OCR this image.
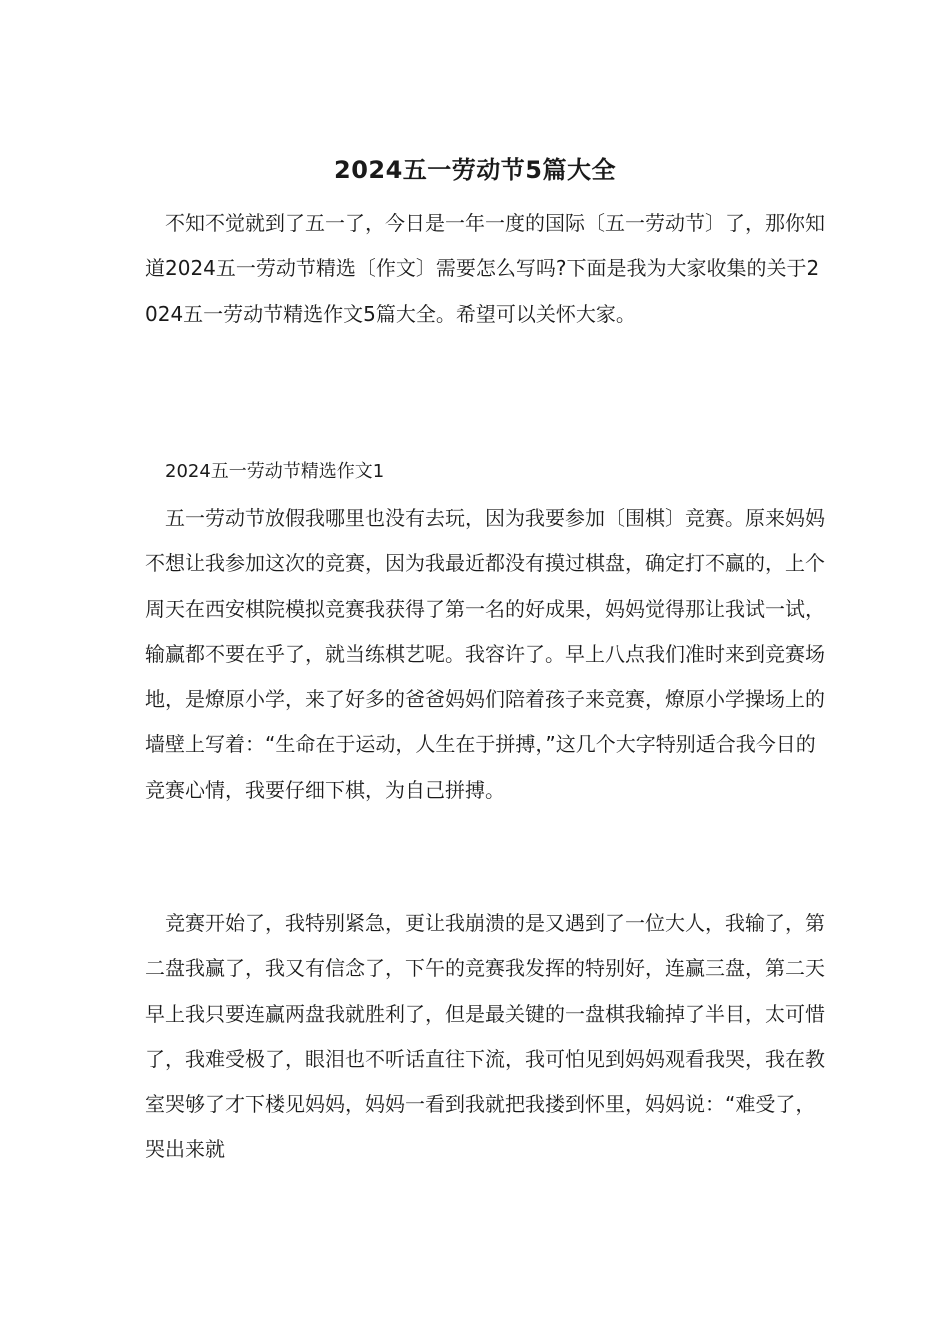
2024五一劳动节5篇大全

不知不觉就到了五一了，今日是一年一度的国际〔五一劳动节〕了，那你知道2024五一劳动节精选〔作文〕需要怎么写吗?下面是我为大家收集的关于2024五一劳动节精选作文5篇大全。希望可以关怀大家。

2024五一劳动节精选作文1

五一劳动节放假我哪里也没有去玩，因为我要参加〔围棋〕竞赛。原来妈妈不想让我参加这次的竞赛，因为我最近都没有摸过棋盘，确定打不赢的，上个周天在西安棋院模拟竞赛我获得了第一名的好成果，妈妈觉得那让我试一试，输赢都不要在乎了，就当练棋艺呢。我容许了。早上八点我们准时来到竞赛场地，是燎原小学，来了好多的爸爸妈妈们陪着孩子来竞赛，燎原小学操场上的墙壁上写着：“生命在于运动，人生在于拼搏，”这几个大字特别适合我今日的竞赛心情，我要仔细下棋，为自己拼搏。

竞赛开始了，我特别紧急，更让我崩溃的是又遇到了一位大人，我输了，第二盘我赢了，我又有信念了，下午的竞赛我发挥的特别好，连赢三盘，第二天早上我只要连赢两盘我就胜利了，但是最关键的一盘棋我输掉了半目，太可惜了，我难受极了，眼泪也不听话直往下流，我可怕见到妈妈观看我哭，我在教室哭够了才下楼见妈妈，妈妈一看到我就把我搂到怀里，妈妈说：“难受了，哭出来就
